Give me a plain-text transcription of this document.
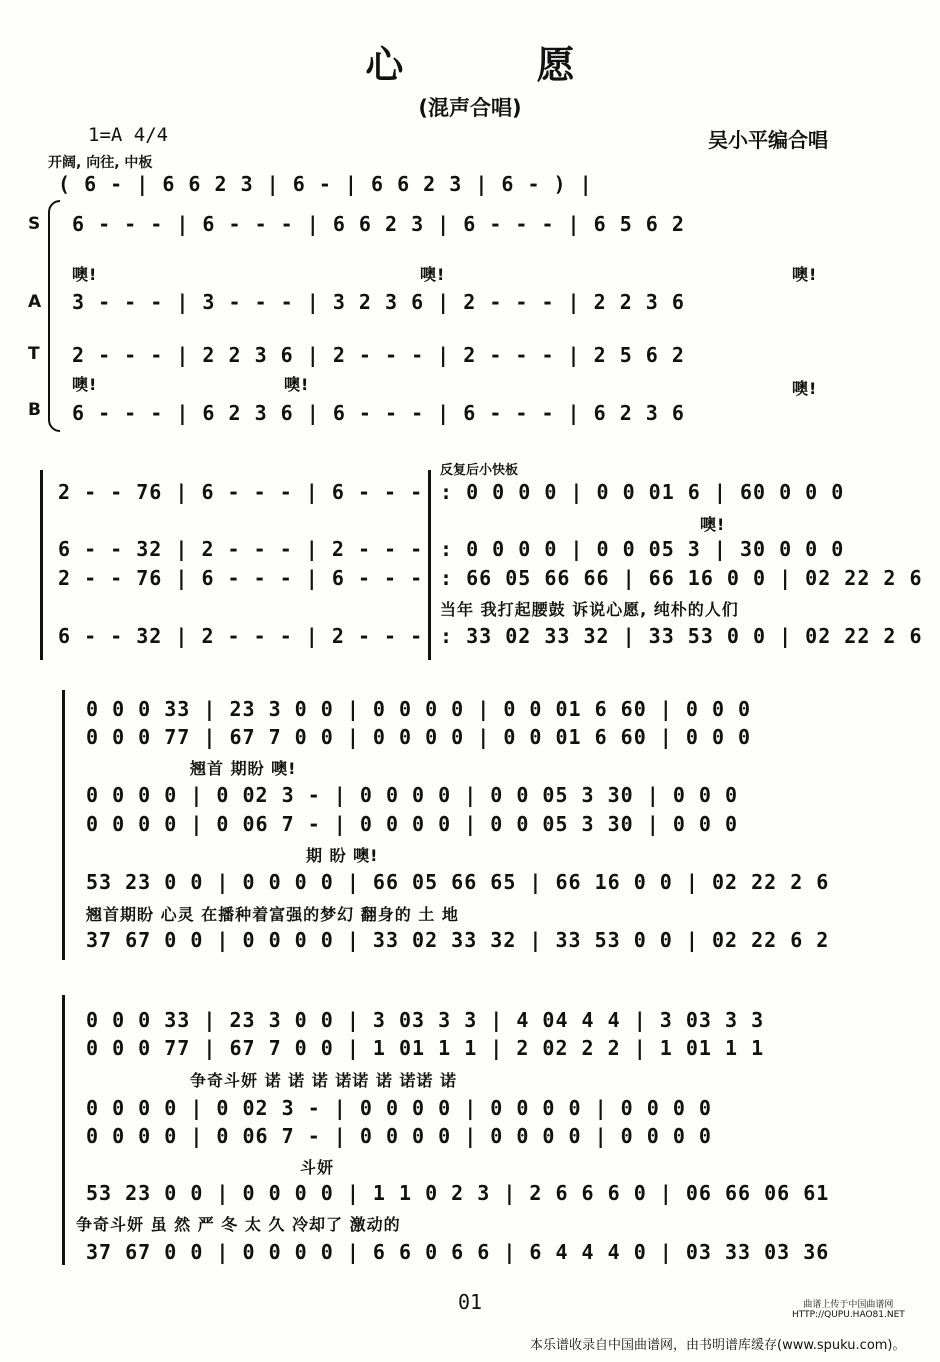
心 愿
(混声合唱)
1=A 4/4	吴小平编合唱
开阔, 向往, 中板
( 6 - | 6 6 2 3 | 6 - | 6 6 2 3 | 6 - ) |
S
A
T
B
6 - - - | 6 - - - | 6 6 2 3 | 6 - - - | 6 5 6 2
噢!
3 - - - | 3 - - - | 3 2 3 6 | 2 - - - | 2 2 3 6
噢!	噢!
2 - - - | 2 2 3 6 | 2 - - - | 2 - - - | 2 5 6 2
噢!	噢!	噢!
6 - - - | 6 2 3 6 | 6 - - - | 6 - - - | 6 2 3 6
2 - - 76 | 6 - - - | 6 - - -
6 - - 32 | 2 - - - | 2 - - -
2 - - 76 | 6 - - - | 6 - - -
6 - - 32 | 2 - - - | 2 - - -
反复后小快板
: 0 0 0 0 | 0 0 01 6 | 60 0 0 0
噢!
: 0 0 0 0 | 0 0 05 3 | 30 0 0 0
: 66 05 66 66 | 66 16 0 0 | 02 22 2 6
当年 我打起腰鼓 诉说心愿, 纯朴的人们
: 33 02 33 32 | 33 53 0 0 | 02 22 2 6
0 0 0 33 | 23 3 0 0 | 0 0 0 0 | 0 0 01 6 60 | 0 0 0
0 0 0 77 | 67 7 0 0 | 0 0 0 0 | 0 0 01 6 60 | 0 0 0
翘首 期盼 噢!
0 0 0 0 | 0 02 3 - | 0 0 0 0 | 0 0 05 3 30 | 0 0 0
0 0 0 0 | 0 06 7 - | 0 0 0 0 | 0 0 05 3 30 | 0 0 0
期 盼 噢!
53 23 0 0 | 0 0 0 0 | 66 05 66 65 | 66 16 0 0 | 02 22 2 6
翘首期盼 心灵 在播种着富强的梦幻 翻身的 土 地
37 67 0 0 | 0 0 0 0 | 33 02 33 32 | 33 53 0 0 | 02 22 6 2
0 0 0 33 | 23 3 0 0 | 3 03 3 3 | 4 04 4 4 | 3 03 3 3
0 0 0 77 | 67 7 0 0 | 1 01 1 1 | 2 02 2 2 | 1 01 1 1
争奇斗妍 诺 诺 诺 诺诺 诺 诺诺 诺
0 0 0 0 | 0 02 3 - | 0 0 0 0 | 0 0 0 0 | 0 0 0 0
0 0 0 0 | 0 06 7 - | 0 0 0 0 | 0 0 0 0 | 0 0 0 0
斗妍
53 23 0 0 | 0 0 0 0 | 1 1 0 2 3 | 2 6 6 6 0 | 06 66 06 61
争奇斗妍 虽 然 严 冬 太 久 冷却了 激动的
37 67 0 0 | 0 0 0 0 | 6 6 0 6 6 | 6 4 4 4 0 | 03 33 03 36
01	曲谱上传于中国曲谱网
HTTP://QUPU.HAO81.NET
本乐谱收录自中国曲谱网，由书明谱库缓存(www.spuku.com)。
